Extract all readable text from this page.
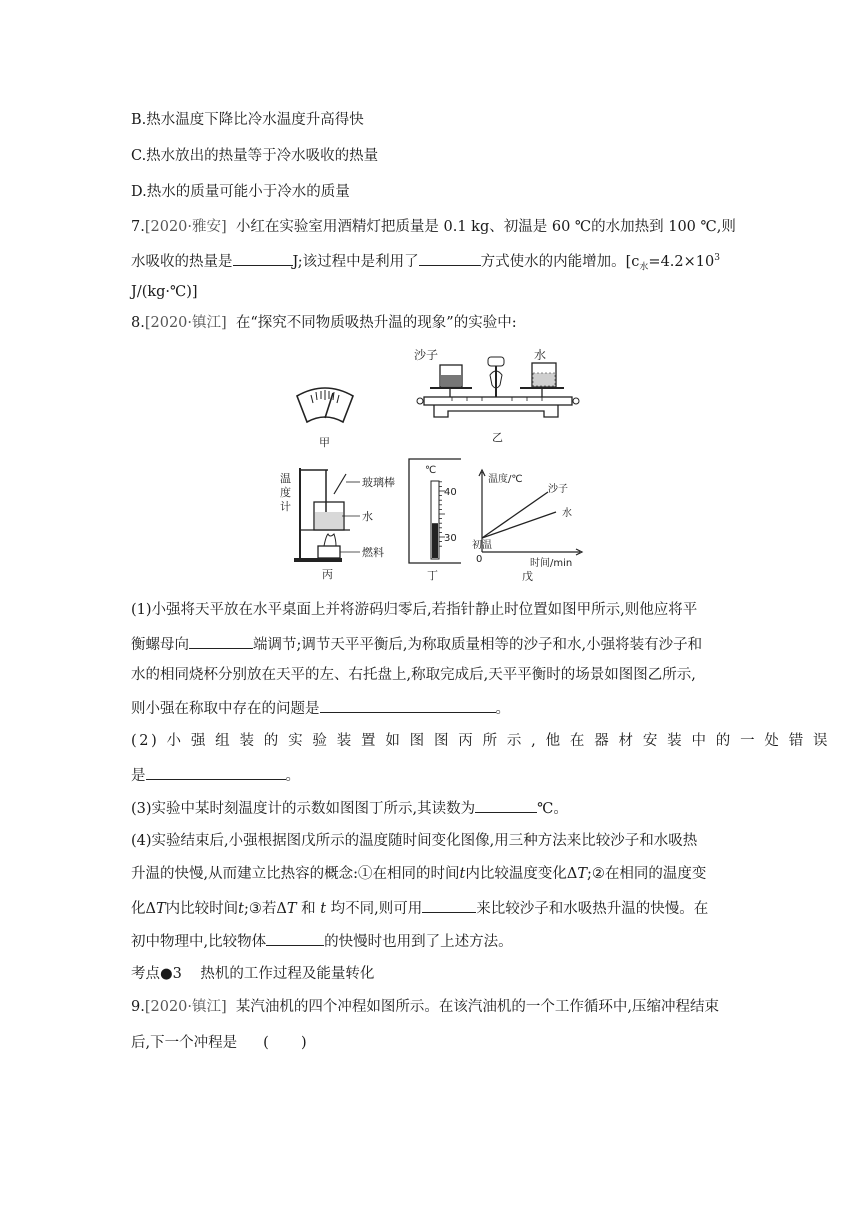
B.热水温度下降比冷水温度升高得快
C.热水放出的热量等于冷水吸收的热量
D.热水的质量可能小于冷水的质量
7.[2020·雅安] 小红在实验室用酒精灯把质量是 0.1 kg、初温是 60 ℃的水加热到 100 ℃,则
水吸收的热量是	J;该过程中是利用了	方式使水的内能增加。[$c_水=4.2\times 10^3$
J/(kg·℃)]
8.[2020·镇江] 在“探究不同物质吸热升温的现象”的实验中:
甲
沙子	水
乙
温
度
计
玻璃棒
水
燃料
丙
℃
40
30
丁
温度/℃
沙子
水
初温
0	时间/min
戊
(1)小强将天平放在水平桌面上并将游码归零后,若指针静止时位置如图甲所示,则他应将平
衡螺母向	端调节;调节天平平衡后,为称取质量相等的沙子和水,小强将装有沙子和
水的相同烧杯分别放在天平的左、右托盘上,称取完成后,天平平衡时的场景如图图乙所示,
则小强在称取中存在的问题是	。
(2) 小 强 组 装 的 实 验 装 置 如 图 图 丙 所 示 , 他 在 器 材 安 装 中 的 一 处 错 误
是	。
(3)实验中某时刻温度计的示数如图图丁所示,其读数为	℃。
(4)实验结束后,小强根据图戊所示的温度随时间变化图像,用三种方法来比较沙子和水吸热
升温的快慢,从而建立比热容的概念:①在相同的时间t内比较温度变化ΔT;②在相同的温度变
化ΔT内比较时间t;③若ΔT 和 t 均不同,则可用	来比较沙子和水吸热升温的快慢。在
初中物理中,比较物体	的快慢时也用到了上述方法。
考点●3 热机的工作过程及能量转化
9.[2020·镇江] 某汽油机的四个冲程如图所示。在该汽油机的一个工作循环中,压缩冲程结束
后,下一个冲程是 (       )
